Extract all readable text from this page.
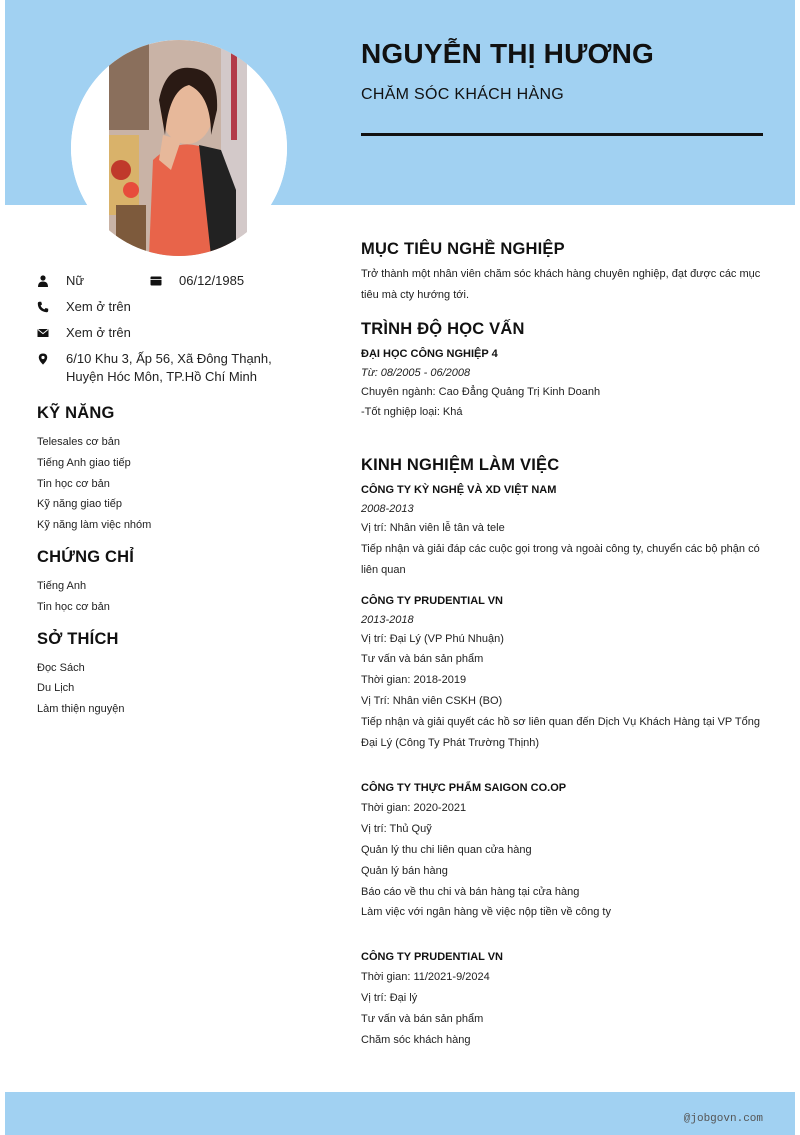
NGUYỄN THỊ HƯƠNG
CHĂM SÓC KHÁCH HÀNG
Nữ	06/12/1985
Xem ở trên
Xem ở trên
6/10 Khu 3, Ấp 56, Xã Đông Thạnh, Huyện Hóc Môn, TP.Hồ Chí Minh
KỸ NĂNG
Telesales cơ bản
Tiếng Anh giao tiếp
Tin học cơ bản
Kỹ năng giao tiếp
Kỹ năng làm việc nhóm
CHỨNG CHỈ
Tiếng Anh
Tin học cơ bản
SỞ THÍCH
Đọc Sách
Du Lịch
Làm thiện nguyện
MỤC TIÊU NGHỀ NGHIỆP
Trở thành một nhân viên chăm sóc khách hàng chuyên nghiệp, đạt được các mục tiêu mà cty hướng tới.
TRÌNH ĐỘ HỌC VẤN
ĐẠI HỌC CÔNG NGHIỆP 4
Từ: 08/2005 - 06/2008
Chuyên ngành: Cao Đẳng Quảng Trị Kinh Doanh
-Tốt nghiệp loại: Khá
KINH NGHIỆM LÀM VIỆC
CÔNG TY KỲ NGHỆ VÀ XD VIỆT NAM
2008-2013
Vị trí: Nhân viên lễ tân và tele
Tiếp nhận và giải đáp các cuộc gọi trong và ngoài công ty, chuyển các bộ phận có liên quan
CÔNG TY PRUDENTIAL VN
2013-2018
Vị trí: Đại Lý (VP Phú Nhuận)
Tư vấn và bán sản phẩm
Thời gian: 2018-2019
Vị Trí: Nhân viên CSKH (BO)
Tiếp nhận và giải quyết các hồ sơ liên quan đến Dịch Vụ Khách Hàng tại VP Tổng Đại Lý (Công Ty Phát Trường Thịnh)
CÔNG TY THỰC PHẨM SAIGON CO.OP
Thời gian: 2020-2021
Vị trí: Thủ Quỹ
Quản lý thu chi liên quan cửa hàng
Quản lý bán hàng
Báo cáo về thu chi và bán hàng tại cửa hàng
Làm việc với ngân hàng về việc nộp tiền về công ty
CÔNG TY PRUDENTIAL VN
Thời gian: 11/2021-9/2024
Vị trí: Đại lý
Tư vấn và bán sản phẩm
Chăm sóc khách hàng
@jobgovn.com
